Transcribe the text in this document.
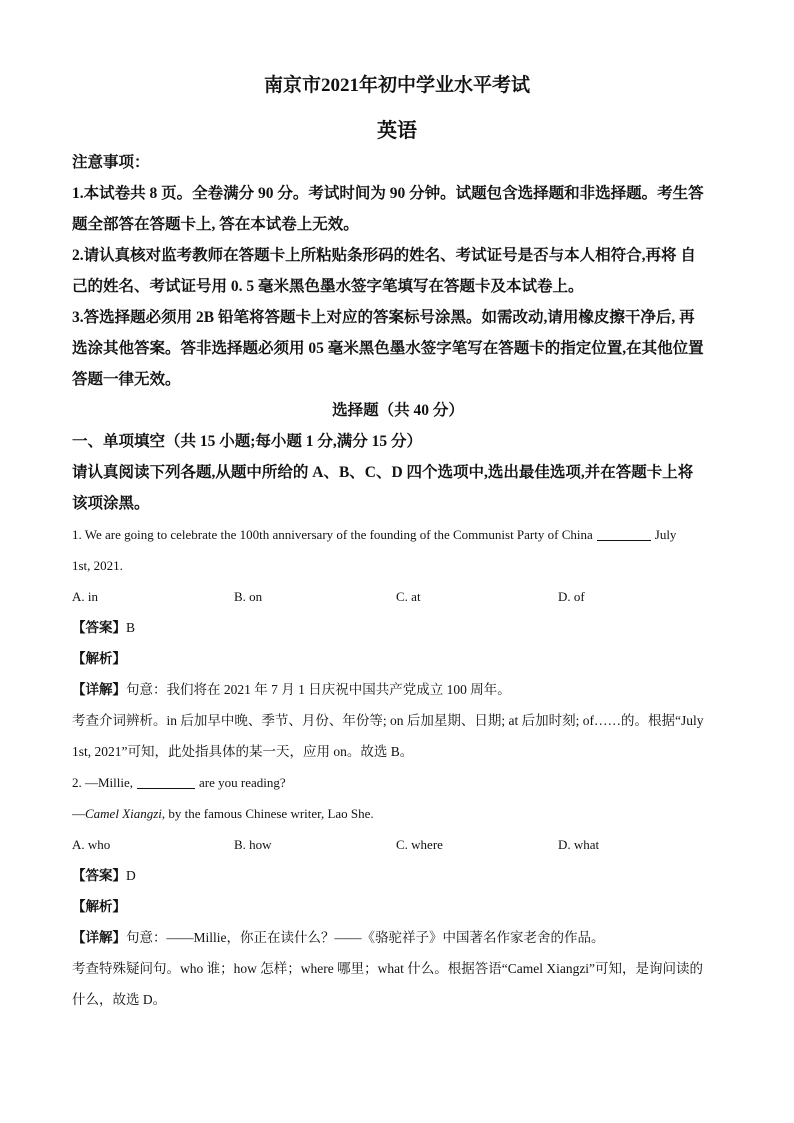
南京市2021年初中学业水平考试
英语

注意事项：

1.本试卷共 8 页。全卷满分 90 分。考试时间为 90 分钟。试题包含选择题和非选择题。考生答

题全部答在答题卡上, 答在本试卷上无效。

2.请认真核对监考教师在答题卡上所粘贴条形码的姓名、考试证号是否与本人相符合,再将 自

己的姓名、考试证号用 0. 5 毫米黑色墨水签字笔填写在答题卡及本试卷上。

3.答选择题必须用 2B 铅笔将答题卡上对应的答案标号涂黑。如需改动,请用橡皮擦干净后, 再

选涂其他答案。答非选择题必须用 05 毫米黑色墨水签字笔写在答题卡的指定位置,在其他位置

答题一律无效。

选择题（共 40 分）

一、单项填空（共 15 小题;每小题 1 分,满分 15 分）

请认真阅读下列各题,从题中所给的 A、B、C、D 四个选项中,选出最佳选项,并在答题卡上将

该项涂黑。

1. We are going to celebrate the 100th anniversary of the founding of the Communist Party of China	July
1st, 2021.
A. in	B. on	C. at	D. of
【答案】B
【解析】
【详解】句意：我们将在 2021 年 7 月 1 日庆祝中国共产党成立 100 周年。
考查介词辨析。in 后加早中晚、季节、月份、年份等; on 后加星期、日期; at 后加时刻; of……的。根据“July
1st, 2021”可知，此处指具体的某一天，应用 on。故选 B。
2. —Millie,	are you reading?
—Camel Xiangzi, by the famous Chinese writer, Lao She.
A. who	B. how	C. where	D. what
【答案】D
【解析】
【详解】句意：——Millie，你正在读什么？——《骆驼祥子》中国著名作家老舍的作品。
考查特殊疑问句。who 谁；how 怎样；where 哪里；what 什么。根据答语“Camel Xiangzi”可知，是询问读的
什么，故选 D。
